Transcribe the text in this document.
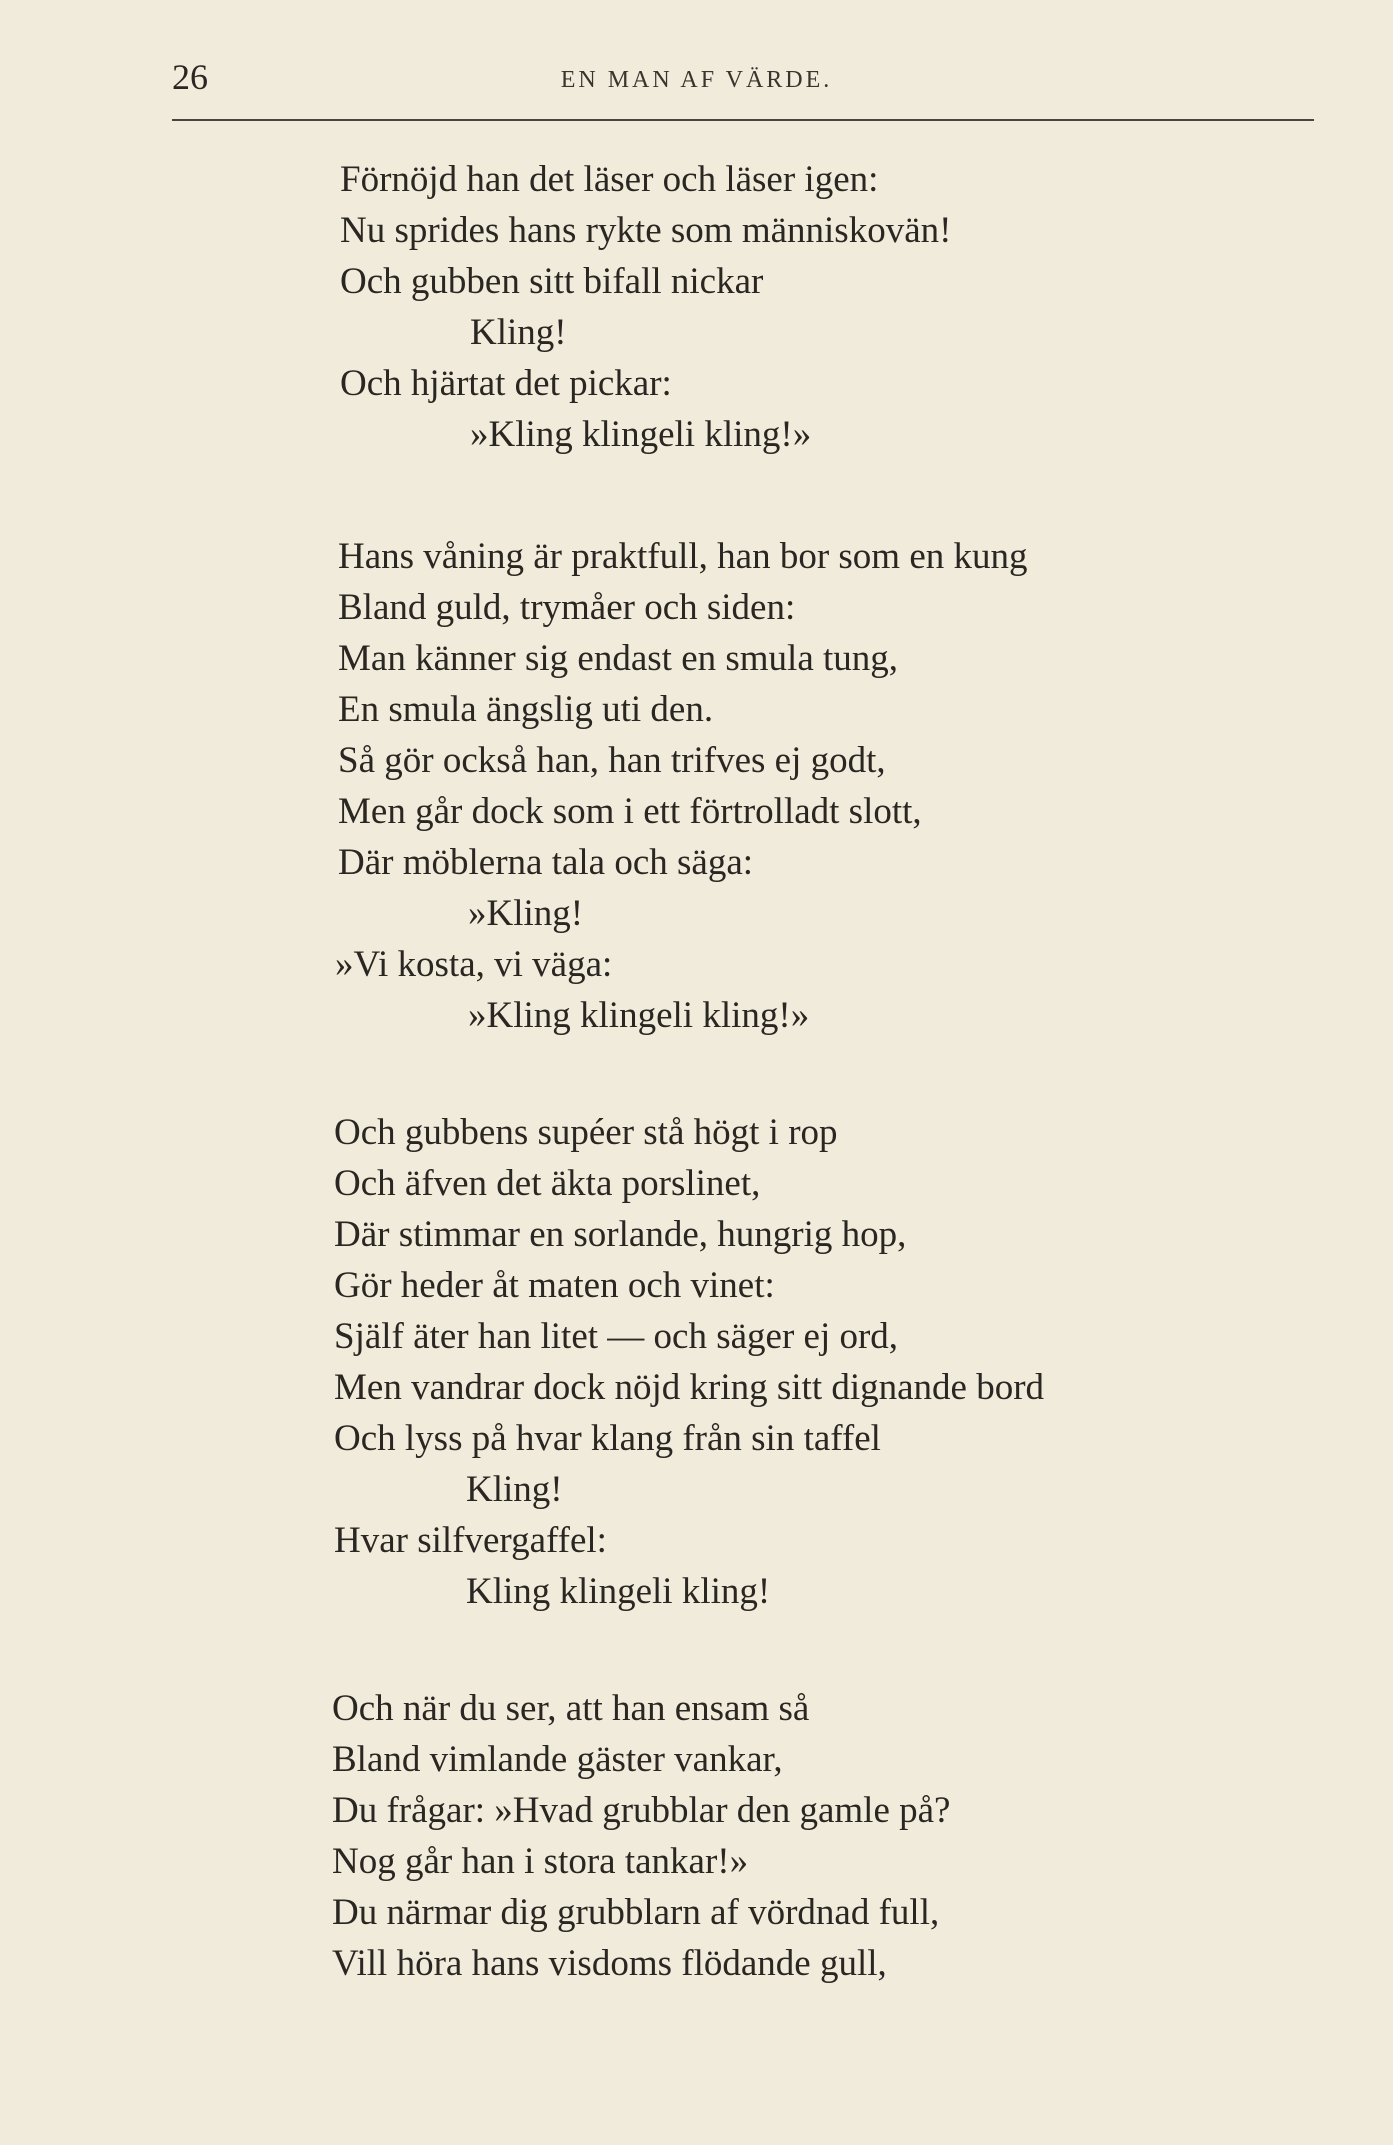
26	EN MAN AF VÄRDE.
Förnöjd han det läser och läser igen:
Nu sprides hans rykte som människovän!
Och gubben sitt bifall nickar
Kling!
Och hjärtat det pickar:
»Kling klingeli kling!»
Hans våning är praktfull, han bor som en kung
Bland guld, trymåer och siden:
Man känner sig endast en smula tung,
En smula ängslig uti den.
Så gör också han, han trifves ej godt,
Men går dock som i ett förtrolladt slott,
Där möblerna tala och säga:
»Kling!
»Vi kosta, vi väga:
»Kling klingeli kling!»
Och gubbens supéer stå högt i rop
Och äfven det äkta porslinet,
Där stimmar en sorlande, hungrig hop,
Gör heder åt maten och vinet:
Själf äter han litet — och säger ej ord,
Men vandrar dock nöjd kring sitt dignande bord
Och lyss på hvar klang från sin taffel
Kling!
Hvar silfvergaffel:
Kling klingeli kling!
Och när du ser, att han ensam så
Bland vimlande gäster vankar,
Du frågar: »Hvad grubblar den gamle på?
Nog går han i stora tankar!»
Du närmar dig grubblarn af vördnad full,
Vill höra hans visdoms flödande gull,
